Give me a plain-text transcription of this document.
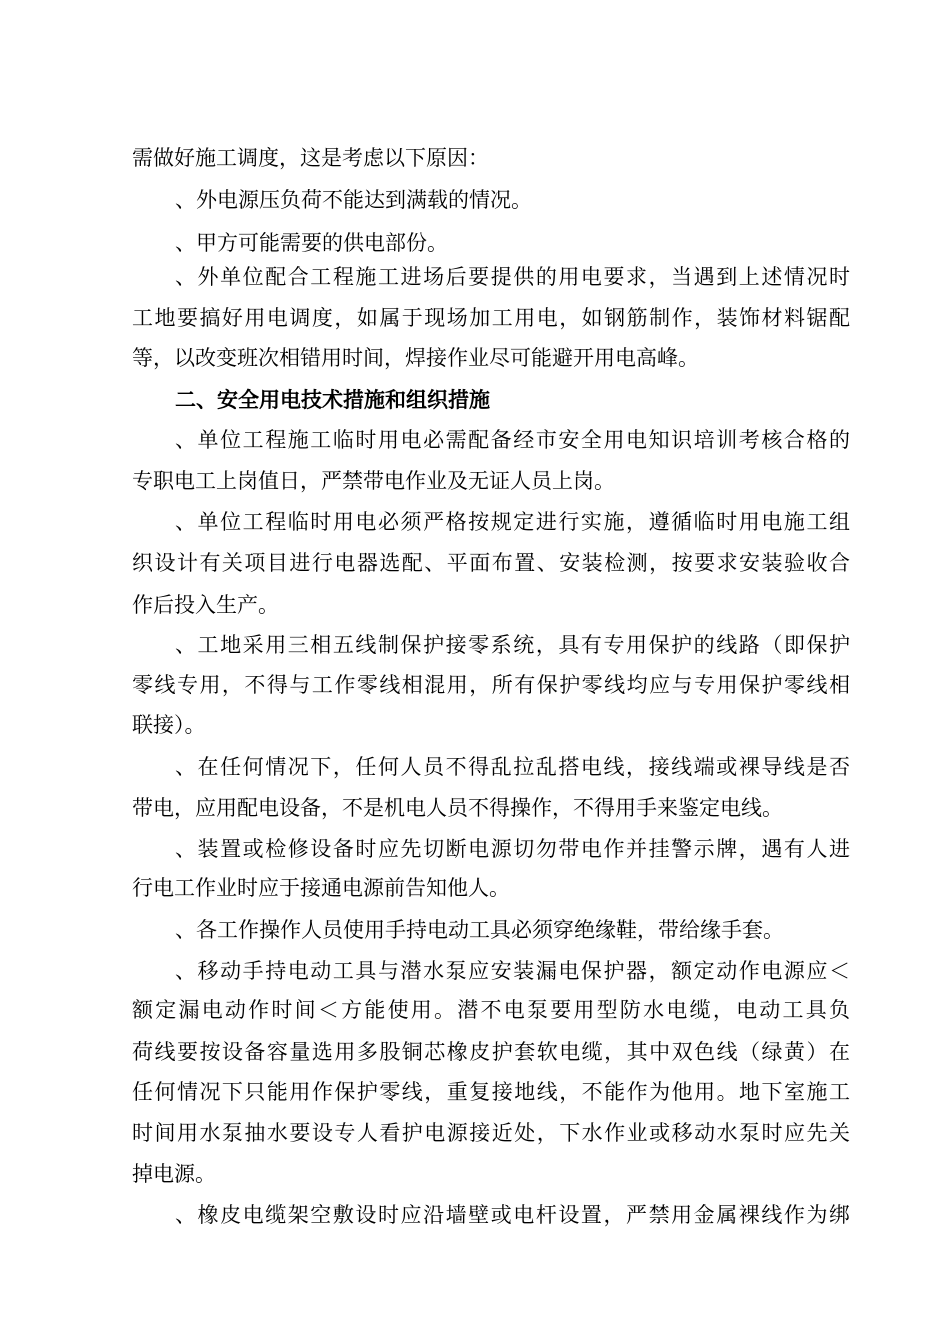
需做好施工调度，这是考虑以下原因：
、外电源压负荷不能达到满载的情况。
、甲方可能需要的供电部份。
、外单位配合工程施工进场后要提供的用电要求，当遇到上述情况时
工地要搞好用电调度，如属于现场加工用电，如钢筋制作，装饰材料锯配
等，以改变班次相错用时间，焊接作业尽可能避开用电高峰。
二、安全用电技术措施和组织措施
、单位工程施工临时用电必需配备经市安全用电知识培训考核合格的
专职电工上岗值日，严禁带电作业及无证人员上岗。
、单位工程临时用电必须严格按规定进行实施，遵循临时用电施工组
织设计有关项目进行电器选配、平面布置、安装检测，按要求安装验收合
作后投入生产。
、工地采用三相五线制保护接零系统，具有专用保护的线路（即保护
零线专用，不得与工作零线相混用，所有保护零线均应与专用保护零线相
联接）。
、在任何情况下，任何人员不得乱拉乱搭电线，接线端或裸导线是否
带电，应用配电设备，不是机电人员不得操作，不得用手来鉴定电线。
、装置或检修设备时应先切断电源切勿带电作并挂警示牌，遇有人进
行电工作业时应于接通电源前告知他人。
、各工作操作人员使用手持电动工具必须穿绝缘鞋，带给缘手套。
、移动手持电动工具与潜水泵应安装漏电保护器，额定动作电源应＜
额定漏电动作时间＜方能使用。潜不电泵要用型防水电缆，电动工具负
荷线要按设备容量选用多股铜芯橡皮护套软电缆，其中双色线（绿黄）在
任何情况下只能用作保护零线，重复接地线，不能作为他用。地下室施工
时间用水泵抽水要设专人看护电源接近处，下水作业或移动水泵时应先关
掉电源。
、橡皮电缆架空敷设时应沿墙壁或电杆设置，严禁用金属裸线作为绑
